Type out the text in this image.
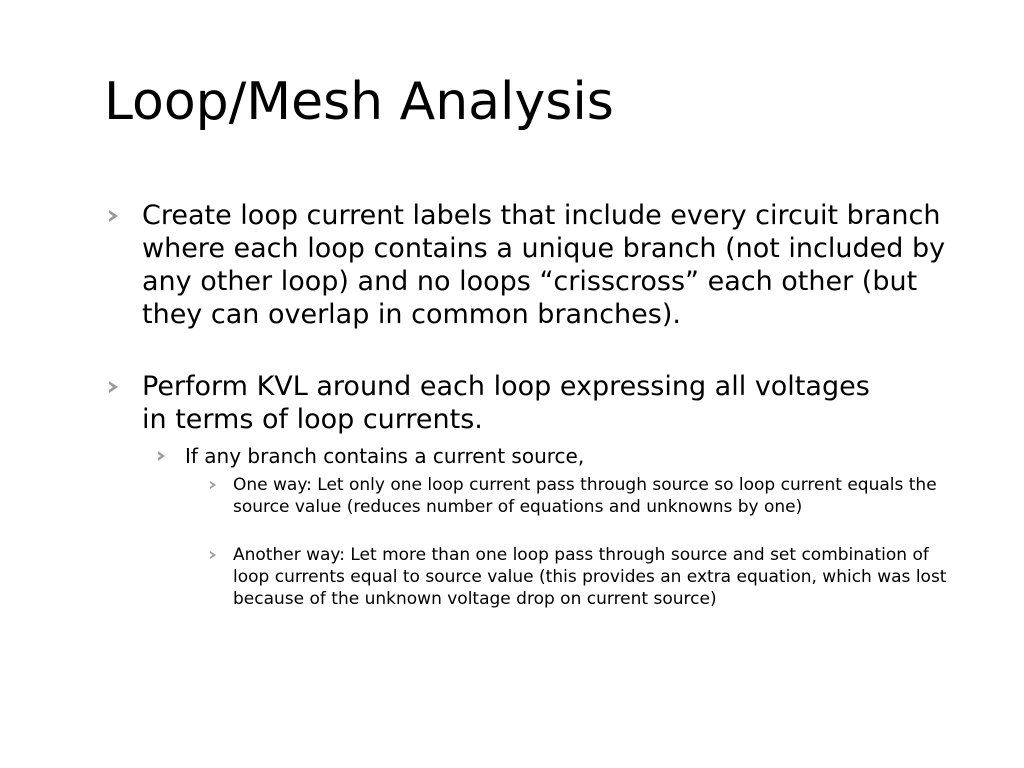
Loop/Mesh Analysis

Create loop current labels that include every circuit branch where each loop contains a unique branch (not included by any other loop) and no loops “crisscross” each other (but they can overlap in common branches).

Perform KVL around each loop expressing all voltages in terms of loop currents.

If any branch contains a current source,

One way: Let only one loop current pass through source so loop current equals the source value (reduces number of equations and unknowns by one)

Another way: Let more than one loop pass through source and set combination of loop currents equal to source value (this provides an extra equation, which was lost because of the unknown voltage drop on current source)
